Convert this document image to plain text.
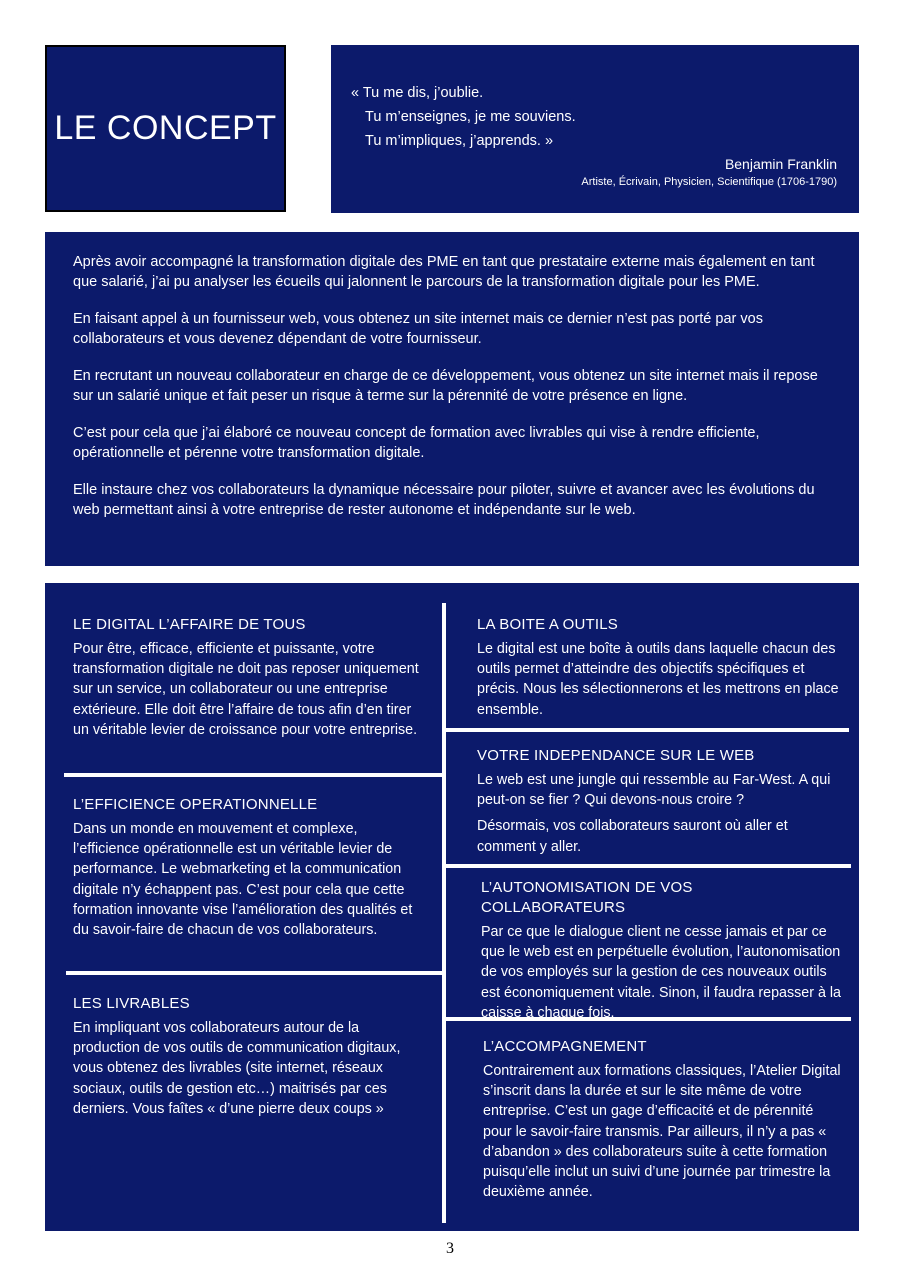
LE CONCEPT
« Tu me dis, j’oublie.
Tu m’enseignes, je me souviens.
Tu m’impliques, j’apprends. »
Benjamin Franklin
Artiste, Écrivain, Physicien, Scientifique (1706-1790)

Après avoir accompagné la transformation digitale des PME en tant que prestataire externe mais également en tant que salarié, j’ai pu analyser les écueils qui jalonnent le parcours de la transformation digitale pour les PME.

En faisant appel à un fournisseur web, vous obtenez un site internet mais ce dernier n’est pas porté par vos collaborateurs et vous devenez dépendant de votre fournisseur.

En recrutant un nouveau collaborateur en charge de ce développement, vous obtenez un site internet mais il repose sur un salarié unique et fait peser un risque à terme sur la pérennité de votre présence en ligne.

C’est pour cela que j’ai élaboré ce nouveau concept de formation avec livrables qui vise à rendre efficiente, opérationnelle et pérenne votre transformation digitale.

Elle instaure chez vos collaborateurs la dynamique nécessaire pour piloter, suivre et avancer avec les évolutions du web permettant ainsi à votre entreprise de rester autonome et indépendante sur le web.

LE DIGITAL L’AFFAIRE DE TOUS

Pour être, efficace, efficiente et puissante, votre transformation digitale ne doit pas reposer uniquement sur un service, un collaborateur ou une entreprise extérieure. Elle doit être l’affaire de tous afin d’en tirer un véritable levier de croissance pour votre entreprise.

L’EFFICIENCE OPERATIONNELLE

Dans un monde en mouvement et complexe, l’efficience opérationnelle est un véritable levier de performance. Le webmarketing et la communication digitale n’y échappent pas. C’est pour cela que cette formation innovante vise l’amélioration des qualités et du savoir-faire de chacun de vos collaborateurs.

LES LIVRABLES

En impliquant vos collaborateurs autour de la production de vos outils de communication digitaux, vous obtenez des livrables (site internet, réseaux sociaux, outils de gestion etc…) maitrisés par ces derniers. Vous faîtes « d’une pierre deux coups »

LA BOITE A OUTILS

Le digital est une boîte à outils dans laquelle chacun des outils permet d’atteindre des objectifs spécifiques et précis. Nous les sélectionnerons et les mettrons en place ensemble.

VOTRE INDEPENDANCE SUR LE WEB

Le web est une jungle qui ressemble au Far-West. A qui peut-on se fier ? Qui devons-nous croire ?

Désormais, vos collaborateurs sauront où aller et comment y aller.

L’AUTONOMISATION DE VOS COLLABORATEURS

Par ce que le dialogue client ne cesse jamais et par ce que le web est en perpétuelle évolution, l’autonomisation de vos employés sur la gestion de ces nouveaux outils est économiquement vitale. Sinon, il faudra repasser à la caisse à chaque fois.

L’ACCOMPAGNEMENT

Contrairement aux formations classiques, l’Atelier Digital s’inscrit dans la durée et sur le site même de votre entreprise. C’est un gage d’efficacité et de pérennité pour le savoir-faire transmis. Par ailleurs, il n’y a pas « d’abandon » des collaborateurs suite à cette formation puisqu’elle inclut un suivi d’une journée par trimestre la deuxième année.

3
